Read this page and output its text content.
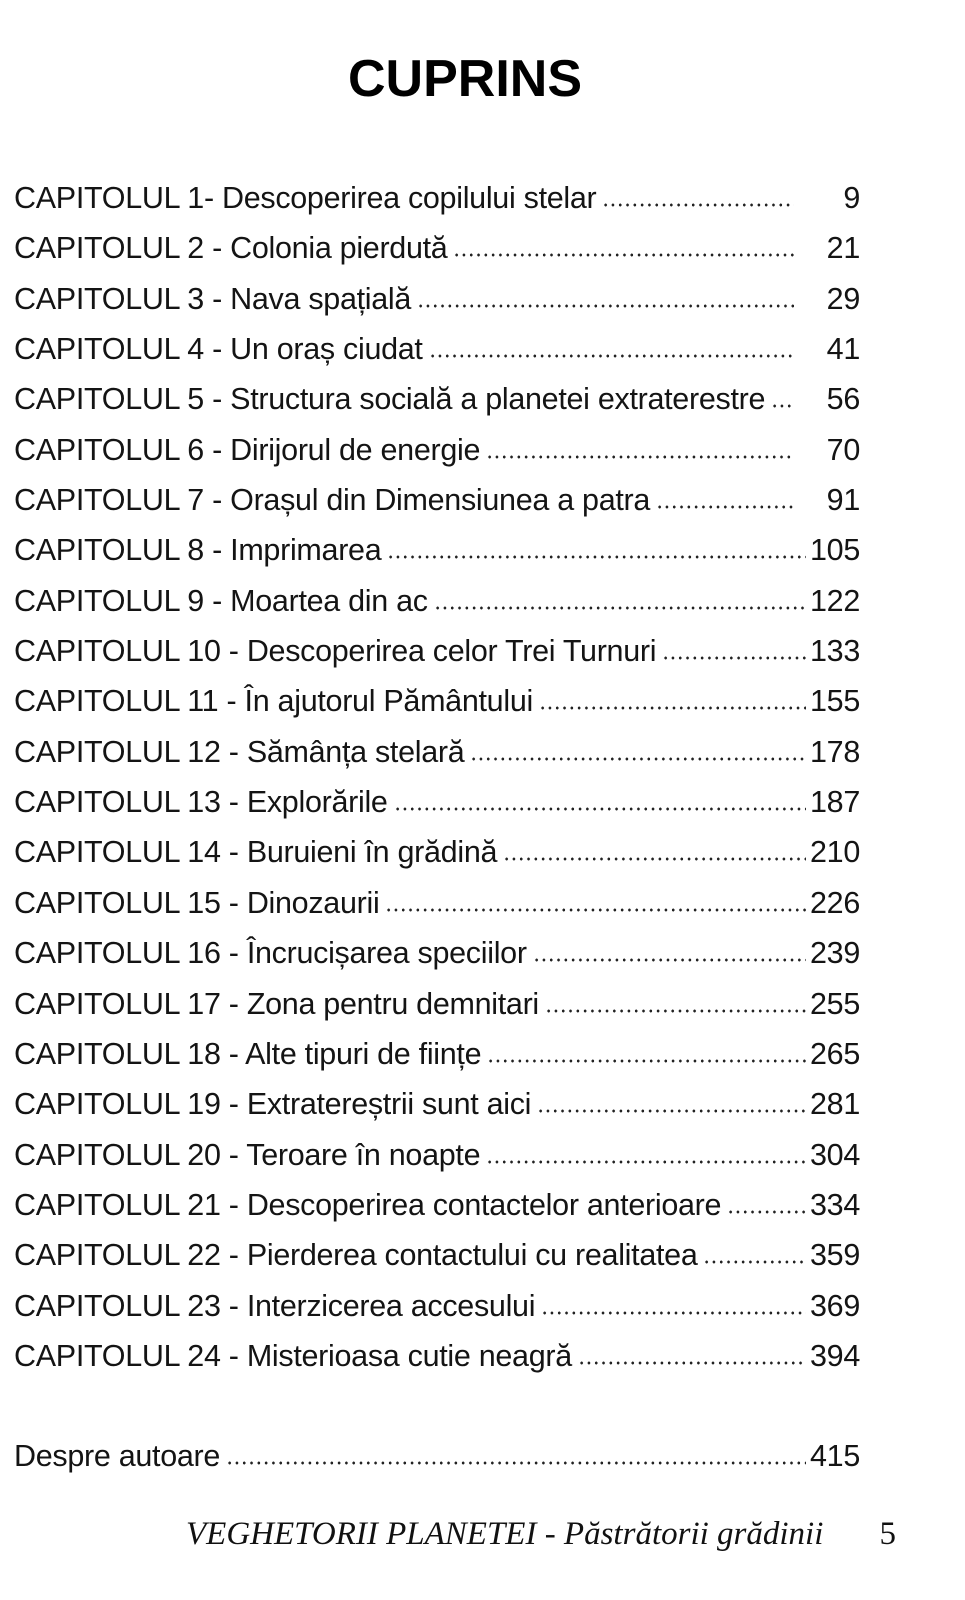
CUPRINS
CAPITOLUL 1- Descoperirea copilului stelar	9
CAPITOLUL 2 - Colonia pierdută	21
CAPITOLUL 3 - Nava spațială	29
CAPITOLUL 4 - Un oraș ciudat	41
CAPITOLUL 5 - Structura socială a planetei extraterestre	56
CAPITOLUL 6 - Dirijorul de energie	70
CAPITOLUL 7 - Orașul din Dimensiunea a patra	91
CAPITOLUL 8 - Imprimarea	105
CAPITOLUL 9 - Moartea din ac	122
CAPITOLUL 10 - Descoperirea celor Trei Turnuri	133
CAPITOLUL 11 - În ajutorul Pământului	155
CAPITOLUL 12 - Sămânța stelară	178
CAPITOLUL 13 - Explorările	187
CAPITOLUL 14 - Buruieni în grădină	210
CAPITOLUL 15 - Dinozaurii	226
CAPITOLUL 16 - Încrucișarea speciilor	239
CAPITOLUL 17 - Zona pentru demnitari	255
CAPITOLUL 18 - Alte tipuri de ființe	265
CAPITOLUL 19 - Extratereștrii sunt aici	281
CAPITOLUL 20 - Teroare în noapte	304
CAPITOLUL 21 - Descoperirea contactelor anterioare	334
CAPITOLUL 22 - Pierderea contactului cu realitatea	359
CAPITOLUL 23 - Interzicerea accesului	369
CAPITOLUL 24 - Misterioasa cutie neagră	394
Despre autoare	415
VEGHETORII PLANETEI - Păstrătorii grădinii 5
